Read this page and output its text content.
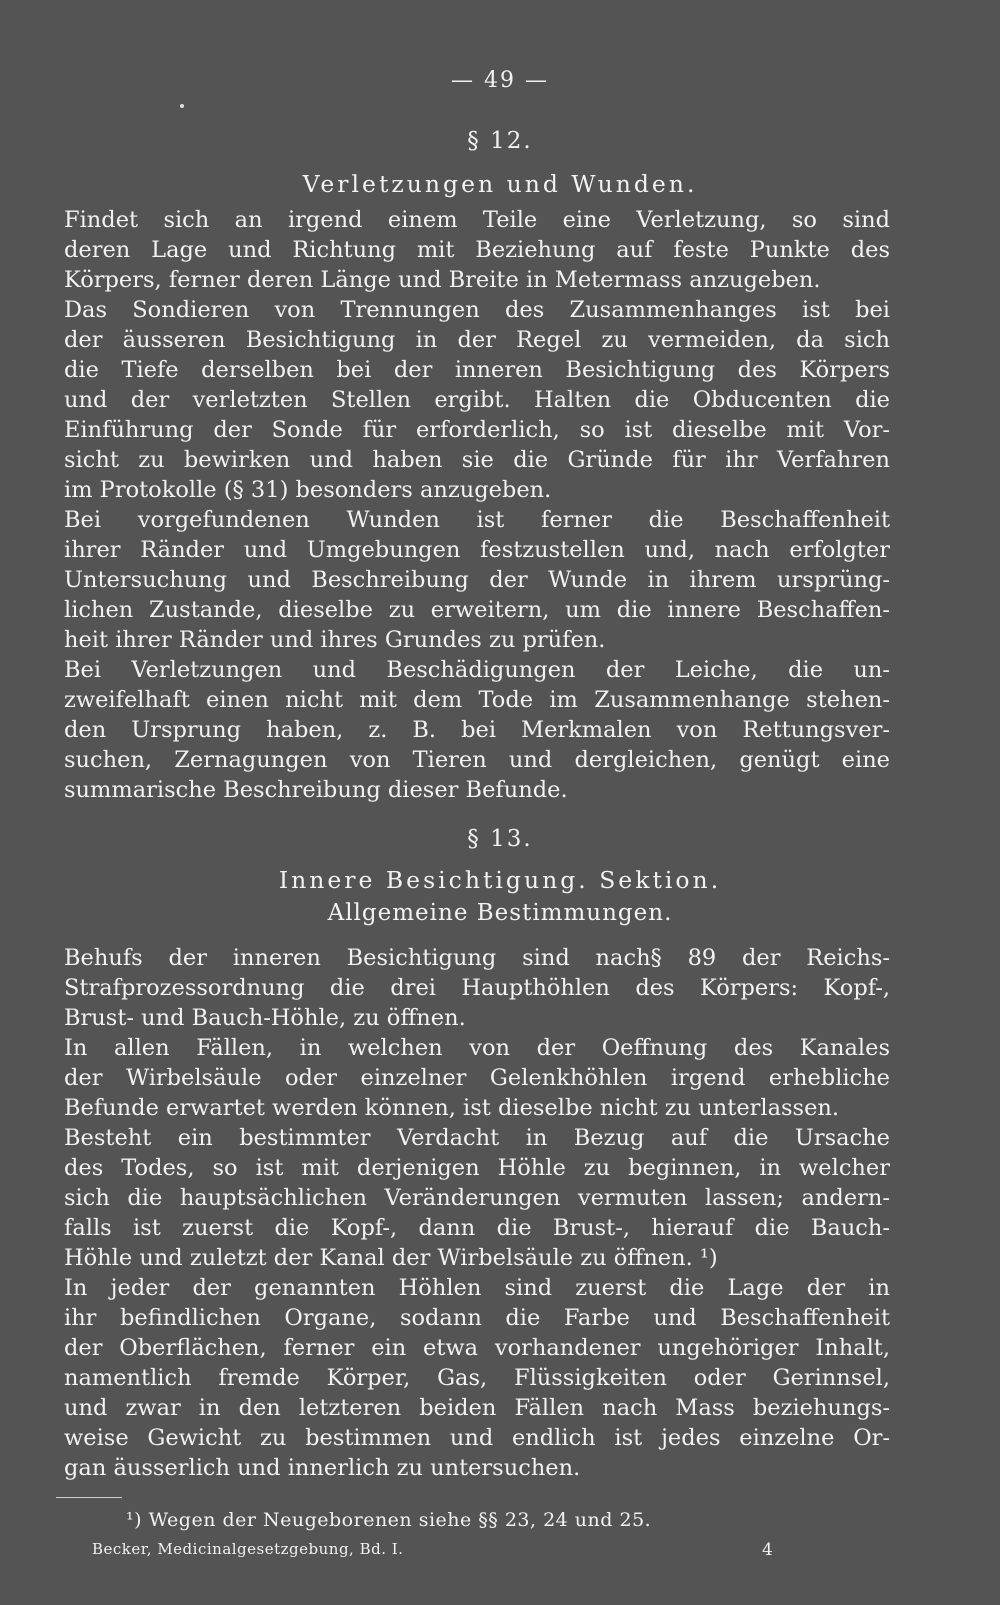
— 49 —
§ 12.
Verletzungen und Wunden.
Findet sich an irgend einem Teile eine Verletzung, so sind
deren Lage und Richtung mit Beziehung auf feste Punkte des
Körpers, ferner deren Länge und Breite in Metermass anzugeben.
Das Sondieren von Trennungen des Zusammenhanges ist bei
der äusseren Besichtigung in der Regel zu vermeiden, da sich
die Tiefe derselben bei der inneren Besichtigung des Körpers
und der verletzten Stellen ergibt. Halten die Obducenten die
Einführung der Sonde für erforderlich, so ist dieselbe mit Vor-
sicht zu bewirken und haben sie die Gründe für ihr Verfahren
im Protokolle (§ 31) besonders anzugeben.
Bei vorgefundenen Wunden ist ferner die Beschaffenheit
ihrer Ränder und Umgebungen festzustellen und, nach erfolgter
Untersuchung und Beschreibung der Wunde in ihrem ursprüng-
lichen Zustande, dieselbe zu erweitern, um die innere Beschaffen-
heit ihrer Ränder und ihres Grundes zu prüfen.
Bei Verletzungen und Beschädigungen der Leiche, die un-
zweifelhaft einen nicht mit dem Tode im Zusammenhange stehen-
den Ursprung haben, z. B. bei Merkmalen von Rettungsver-
suchen, Zernagungen von Tieren und dergleichen, genügt eine
summarische Beschreibung dieser Befunde.
§ 13.
Innere Besichtigung. Sektion.
Allgemeine Bestimmungen.
Behufs der inneren Besichtigung sind nach§ 89 der Reichs-
Strafprozessordnung die drei Haupthöhlen des Körpers: Kopf-,
Brust- und Bauch-Höhle, zu öffnen.
In allen Fällen, in welchen von der Oeffnung des Kanales
der Wirbelsäule oder einzelner Gelenkhöhlen irgend erhebliche
Befunde erwartet werden können, ist dieselbe nicht zu unterlassen.
Besteht ein bestimmter Verdacht in Bezug auf die Ursache
des Todes, so ist mit derjenigen Höhle zu beginnen, in welcher
sich die hauptsächlichen Veränderungen vermuten lassen; andern-
falls ist zuerst die Kopf-, dann die Brust-, hierauf die Bauch-
Höhle und zuletzt der Kanal der Wirbelsäule zu öffnen. ¹)
In jeder der genannten Höhlen sind zuerst die Lage der in
ihr befindlichen Organe, sodann die Farbe und Beschaffenheit
der Oberflächen, ferner ein etwa vorhandener ungehöriger Inhalt,
namentlich fremde Körper, Gas, Flüssigkeiten oder Gerinnsel,
und zwar in den letzteren beiden Fällen nach Mass beziehungs-
weise Gewicht zu bestimmen und endlich ist jedes einzelne Or-
gan äusserlich und innerlich zu untersuchen.
¹) Wegen der Neugeborenen siehe §§ 23, 24 und 25.
Becker, Medicinalgesetzgebung, Bd. I.	4
